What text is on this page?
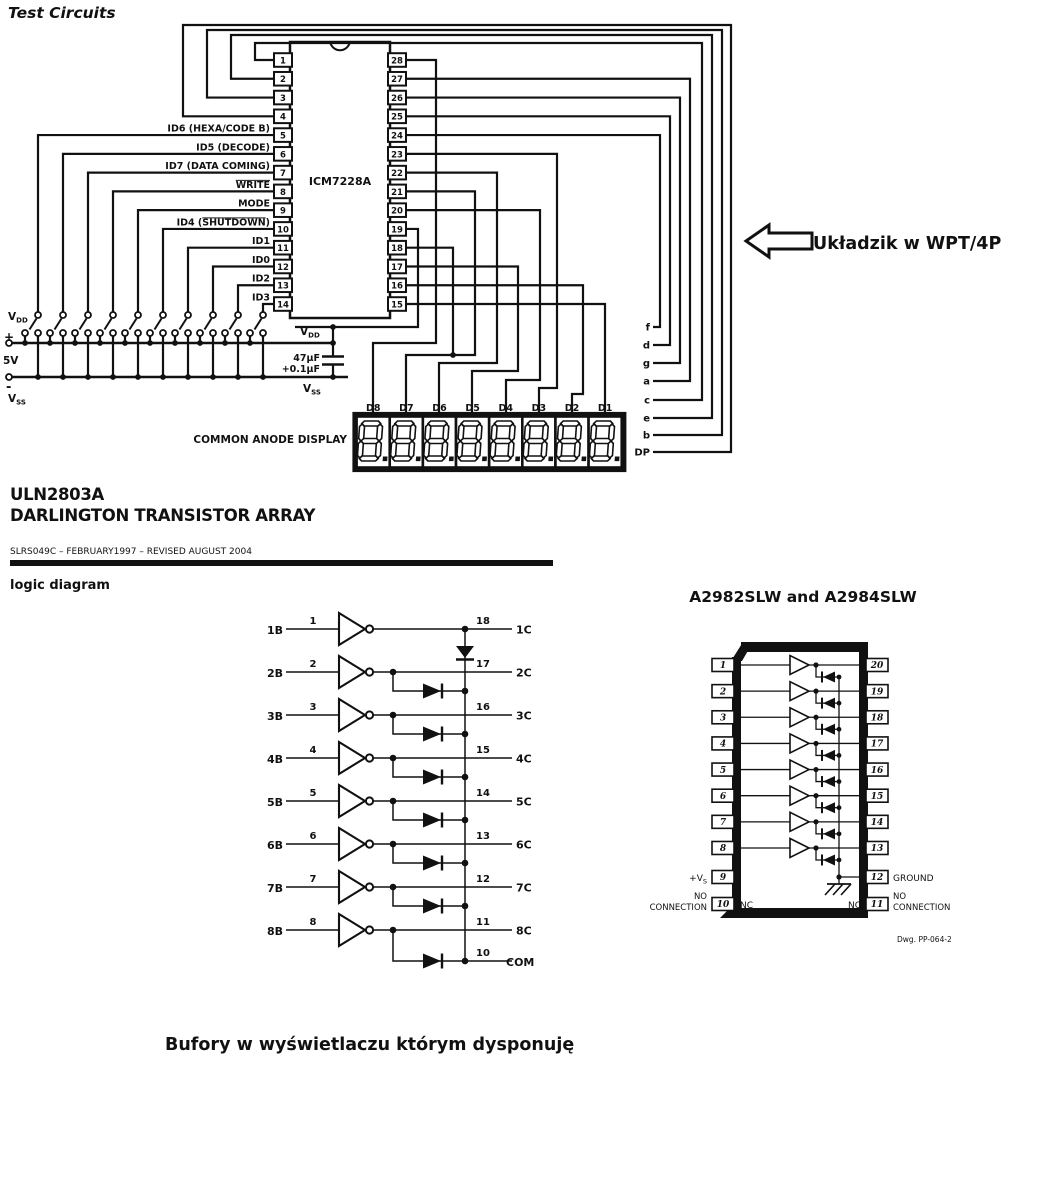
Test Circuits
1	28
2	27
3	26
4	25
5	24
6	23
7	22
8	21
9	20
10	19
11	18
12	17
13	16
14	15
ID6 (HEXA/CODE B)
ID5 (DECODE)
ID7 (DATA COMING)
WRITE
MODE
ID4 (SHUTDOWN)
ID1
ID0
ID2
ID3
f
d
g
a
c
e
b
DP
ICM7228A
Układzik w WPT/4P
$V_{DD}$
+
5V
-
$V_{SS}$
$V_{DD}$
$V_{SS}$
47µF
+0.1µF
COMMON ANODE DISPLAY
D8 D7 D6 D5 D4 D3 D2 D1
ULN2803A
DARLINGTON TRANSISTOR ARRAY
SLRS049C – FEBRUARY1997 – REVISED AUGUST 2004
logic diagram
1B
1	18
1C
2B
2	17
2C
3B
3	16
3C
4B
4	15
4C
5B
5	14
5C
6B
6	13
6C
7B
7	12
7C
8B
8	11
8C
10
COM
A2982SLW and A2984SLW
1	20
2	19
3	18
4	17
5	16
6	15
7	14
8	13
9	12
10	11
$+V_S$
NO
CONNECTION	NC	NC
NO
CONNECTION
GROUND
Dwg. PP-064-2
Bufory w wyświetlaczu którym dysponuję
